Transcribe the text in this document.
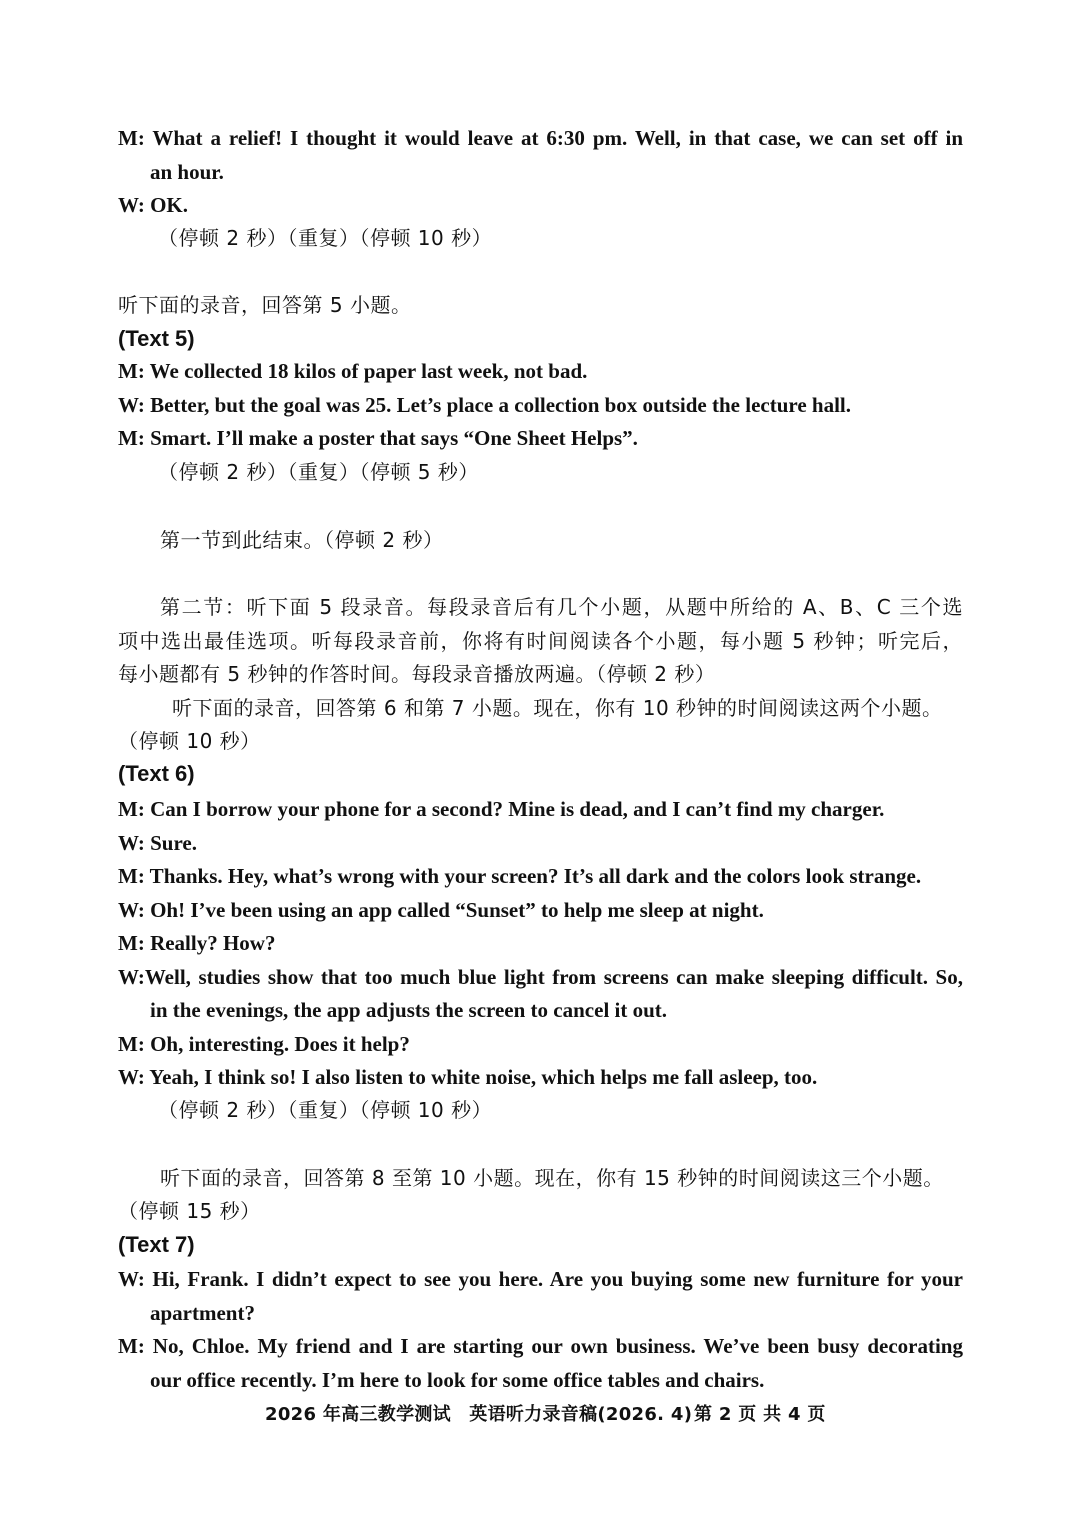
M: What a relief! I thought it would leave at 6:30 pm. Well, in that case, we can set off in
an hour.
W: OK.
（停顿 2 秒）（重复）（停顿 10 秒）
听下面的录音，回答第 5 小题。
(Text 5)
M: We collected 18 kilos of paper last week, not bad.
W: Better, but the goal was 25. Let’s place a collection box outside the lecture hall.
M: Smart. I’ll make a poster that says “One Sheet Helps”.
（停顿 2 秒）（重复）（停顿 5 秒）
第一节到此结束。（停顿 2 秒）
第二节：听下面 5 段录音。每段录音后有几个小题，从题中所给的 A、B、C 三个选
项中选出最佳选项。听每段录音前，你将有时间阅读各个小题，每小题 5 秒钟；听完后，
每小题都有 5 秒钟的作答时间。每段录音播放两遍。（停顿 2 秒）
听下面的录音，回答第 6 和第 7 小题。现在，你有 10 秒钟的时间阅读这两个小题。
（停顿 10 秒）
(Text 6)
M: Can I borrow your phone for a second? Mine is dead, and I can’t find my charger.
W: Sure.
M: Thanks. Hey, what’s wrong with your screen? It’s all dark and the colors look strange.
W: Oh! I’ve been using an app called “Sunset” to help me sleep at night.
M: Really? How?
W:Well, studies show that too much blue light from screens can make sleeping difficult. So,
in the evenings, the app adjusts the screen to cancel it out.
M: Oh, interesting. Does it help?
W: Yeah, I think so! I also listen to white noise, which helps me fall asleep, too.
（停顿 2 秒）（重复）（停顿 10 秒）
听下面的录音，回答第 8 至第 10 小题。现在，你有 15 秒钟的时间阅读这三个小题。
（停顿 15 秒）
(Text 7)
W: Hi, Frank. I didn’t expect to see you here. Are you buying some new furniture for your
apartment?
M: No, Chloe. My friend and I are starting our own business. We’ve been busy decorating
our office recently. I’m here to look for some office tables and chairs.
2026 年高三教学测试　英语听力录音稿(2026. 4) 第 2 页 共 4 页
